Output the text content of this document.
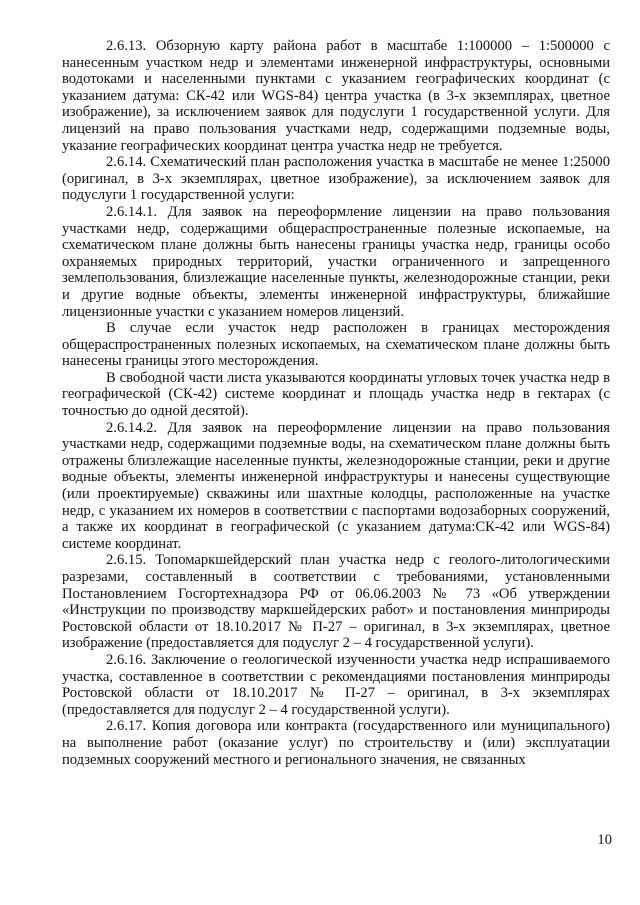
2.6.13. Обзорную карту района работ в масштабе 1:100000 – 1:500000 с нанесенным участком недр и элементами инженерной инфраструктуры, основными водотоками и населенными пунктами с указанием географических координат (с указанием датума: СК-42 или WGS-84) центра участка (в 3-х экземплярах, цветное изображение), за исключением заявок для подуслуги 1 государственной услуги. Для лицензий на право пользования участками недр, содержащими подземные воды, указание географических координат центра участка недр не требуется.

2.6.14. Схематический план расположения участка в масштабе не менее 1:25000 (оригинал, в 3-х экземплярах, цветное изображение), за исключением заявок для подуслуги 1 государственной услуги:

2.6.14.1. Для заявок на переоформление лицензии на право пользования участками недр, содержащими общераспространенные полезные ископаемые, на схематическом плане должны быть нанесены границы участка недр, границы особо охраняемых природных территорий, участки ограниченного и запрещенного землепользования, близлежащие населенные пункты, железнодорожные станции, реки и другие водные объекты, элементы инженерной инфраструктуры, ближайшие лицензионные участки с указанием номеров лицензий.

В случае если участок недр расположен в границах месторождения общераспространенных полезных ископаемых, на схематическом плане должны быть нанесены границы этого месторождения.

В свободной части листа указываются координаты угловых точек участка недр в географической (СК-42) системе координат и площадь участка недр в гектарах (с точностью до одной десятой).

2.6.14.2. Для заявок на переоформление лицензии на право пользования участками недр, содержащими подземные воды, на схематическом плане должны быть отражены близлежащие населенные пункты, железнодорожные станции, реки и другие водные объекты, элементы инженерной инфраструктуры и нанесены существующие (или проектируемые) скважины или шахтные колодцы, расположенные на участке недр, с указанием их номеров в соответствии с паспортами водозаборных сооружений, а также их координат в географической (с указанием датума:СК-42 или WGS-84) системе координат.

2.6.15. Топомаркшейдерский план участка недр с геолого-литологическими разрезами, составленный в соответствии с требованиями, установленными Постановлением Госгортехнадзора РФ от 06.06.2003 № 73 «Об утверждении «Инструкции по производству маркшейдерских работ» и постановления минприроды Ростовской области от 18.10.2017 № П-27 – оригинал, в 3-х экземплярах, цветное изображение (предоставляется для подуслуг 2 – 4 государственной услуги).

2.6.16. Заключение о геологической изученности участка недр испрашиваемого участка, составленное в соответствии с рекомендациями постановления минприроды Ростовской области от 18.10.2017 № П-27 – оригинал, в 3-х экземплярах (предоставляется для подуслуг 2 – 4 государственной услуги).

2.6.17. Копия договора или контракта (государственного или муниципального) на выполнение работ (оказание услуг) по строительству и (или) эксплуатации подземных сооружений местного и регионального значения, не связанных

10
